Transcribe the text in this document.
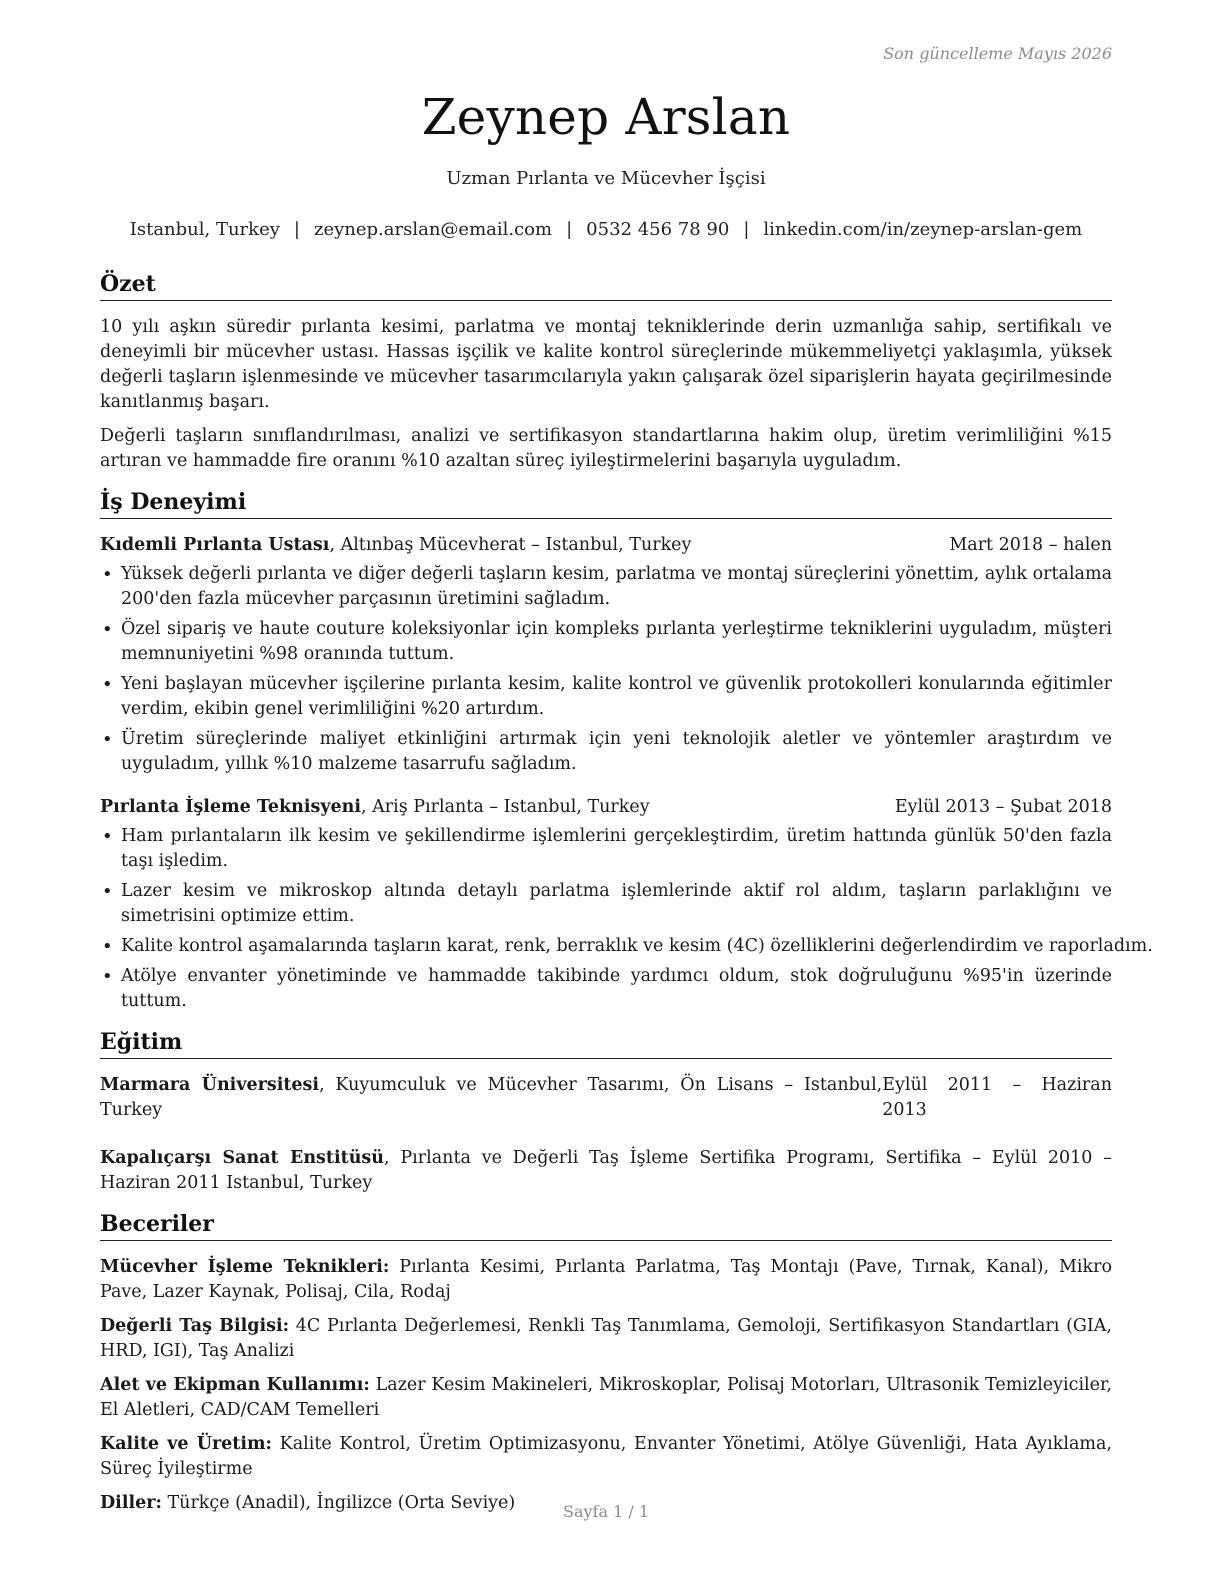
Son güncelleme Mayıs 2026
Zeynep Arslan
Uzman Pırlanta ve Mücevher İşçisi
Istanbul, Turkey | zeynep.arslan@email.com | 0532 456 78 90 | linkedin.com/in/zeynep-arslan-gem
Özet

10 yılı aşkın süredir pırlanta kesimi, parlatma ve montaj tekniklerinde derin uzmanlığa sahip, sertifikalı ve deneyimli bir mücevher ustası. Hassas işçilik ve kalite kontrol süreçlerinde mükemmeliyetçi yaklaşımla, yüksek değerli taşların işlenmesinde ve mücevher tasarımcılarıyla yakın çalışarak özel siparişlerin hayata geçirilmesinde kanıtlanmış başarı.

Değerli taşların sınıflandırılması, analizi ve sertifikasyon standartlarına hakim olup, üretim verimliliğini %15 artıran ve hammadde fire oranını %10 azaltan süreç iyileştirmelerini başarıyla uyguladım.

İş Deneyimi
Kıdemli Pırlanta Ustası, Altınbaş Mücevherat – Istanbul, Turkey	Mart 2018 – halen
• Yüksek değerli pırlanta ve diğer değerli taşların kesim, parlatma ve montaj süreçlerini yönettim, aylık ortalama 200'den fazla mücevher parçasının üretimini sağladım.
• Özel sipariş ve haute couture koleksiyonlar için kompleks pırlanta yerleştirme tekniklerini uyguladım, müşteri memnuniyetini %98 oranında tuttum.
• Yeni başlayan mücevher işçilerine pırlanta kesim, kalite kontrol ve güvenlik protokolleri konularında eğitimler verdim, ekibin genel verimliliğini %20 artırdım.
• Üretim süreçlerinde maliyet etkinliğini artırmak için yeni teknolojik aletler ve yöntemler araştırdım ve uyguladım, yıllık %10 malzeme tasarrufu sağladım.
Pırlanta İşleme Teknisyeni, Ariş Pırlanta – Istanbul, Turkey	Eylül 2013 – Şubat 2018
• Ham pırlantaların ilk kesim ve şekillendirme işlemlerini gerçekleştirdim, üretim hattında günlük 50'den fazla taşı işledim.
• Lazer kesim ve mikroskop altında detaylı parlatma işlemlerinde aktif rol aldım, taşların parlaklığını ve simetrisini optimize ettim.
• Kalite kontrol aşamalarında taşların karat, renk, berraklık ve kesim (4C) özelliklerini değerlendirdim ve raporladım.
• Atölye envanter yönetiminde ve hammadde takibinde yardımcı oldum, stok doğruluğunu %95'in üzerinde tuttum.
Eğitim
Marmara Üniversitesi, Kuyumculuk ve Mücevher Tasarımı, Ön Lisans – Istanbul, Turkey
Eylül 2011 – Haziran 2013
Kapalıçarşı Sanat Enstitüsü, Pırlanta ve Değerli Taş İşleme Sertifika Programı, Sertifika – Eylül 2010 – Haziran 2011 Istanbul, Turkey
Beceriler

Mücevher İşleme Teknikleri: Pırlanta Kesimi, Pırlanta Parlatma, Taş Montajı (Pave, Tırnak, Kanal), Mikro Pave, Lazer Kaynak, Polisaj, Cila, Rodaj

Değerli Taş Bilgisi: 4C Pırlanta Değerlemesi, Renkli Taş Tanımlama, Gemoloji, Sertifikasyon Standartları (GIA, HRD, IGI), Taş Analizi

Alet ve Ekipman Kullanımı: Lazer Kesim Makineleri, Mikroskoplar, Polisaj Motorları, Ultrasonik Temizleyiciler, El Aletleri, CAD/CAM Temelleri

Kalite ve Üretim: Kalite Kontrol, Üretim Optimizasyonu, Envanter Yönetimi, Atölye Güvenliği, Hata Ayıklama, Süreç İyileştirme

Diller: Türkçe (Anadil), İngilizce (Orta Seviye)	Sayfa 1 / 1
